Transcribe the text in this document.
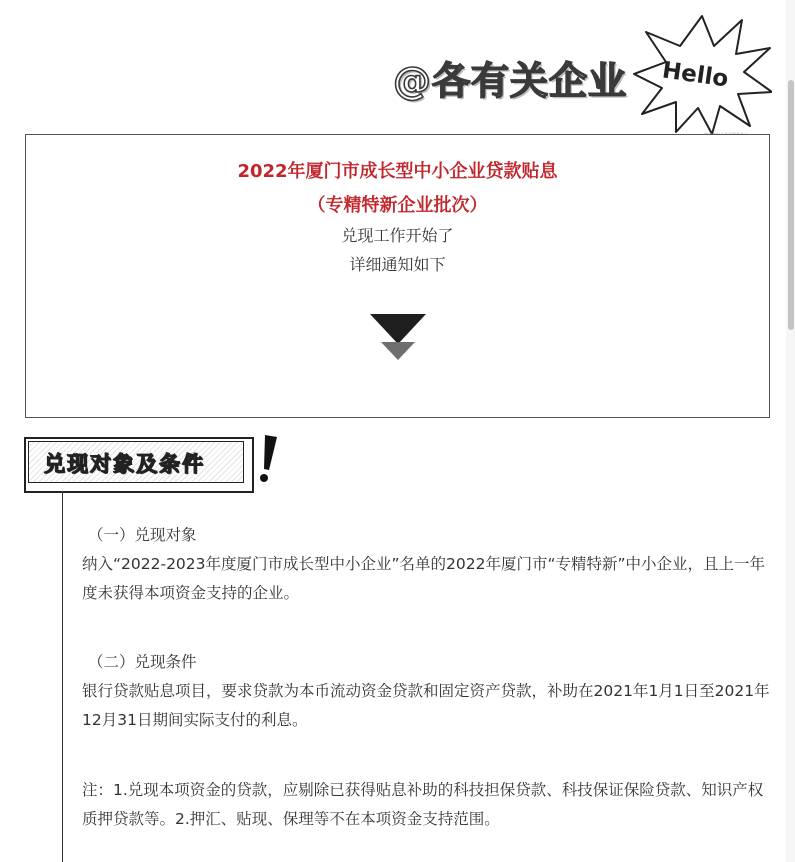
@各有关企业 Hello
2022年厦门市成长型中小企业贷款贴息
（专精特新企业批次）
兑现工作开始了
详细通知如下
兑现对象及条件

（一）兑现对象

纳入“2022-2023年度厦门市成长型中小企业”名单的2022年厦门市“专精特新”中小企业，且上一年度未获得本项资金支持的企业。

（二）兑现条件

银行贷款贴息项目，要求贷款为本币流动资金贷款和固定资产贷款，补助在2021年1月1日至2021年12月31日期间实际支付的利息。

注：1.兑现本项资金的贷款，应剔除已获得贴息补助的科技担保贷款、科技保证保险贷款、知识产权质押贷款等。2.押汇、贴现、保理等不在本项资金支持范围。
